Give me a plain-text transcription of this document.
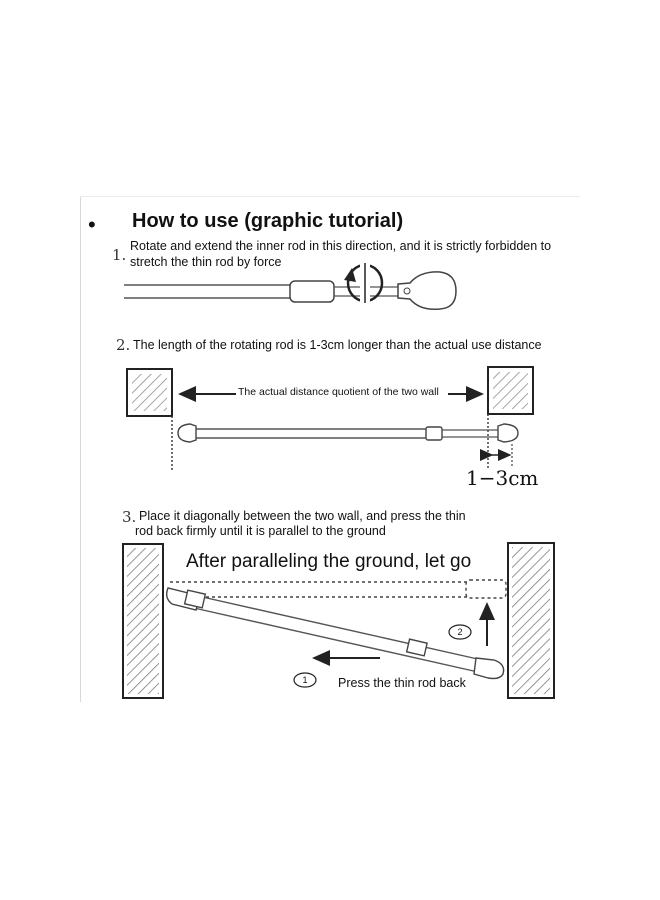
• How to use (graphic tutorial)
1. Rotate and extend the inner rod in this direction, and it is strictly forbidden to
stretch the thin rod by force
2. The length of the rotating rod is 1-3cm longer than the actual use distance
3. Place it diagonally between the two wall, and press the thin
rod back firmly until it is parallel to the ground
The actual distance quotient of the two wall
1−3cm
After paralleling the ground, let go
Press the thin rod back
1
2
